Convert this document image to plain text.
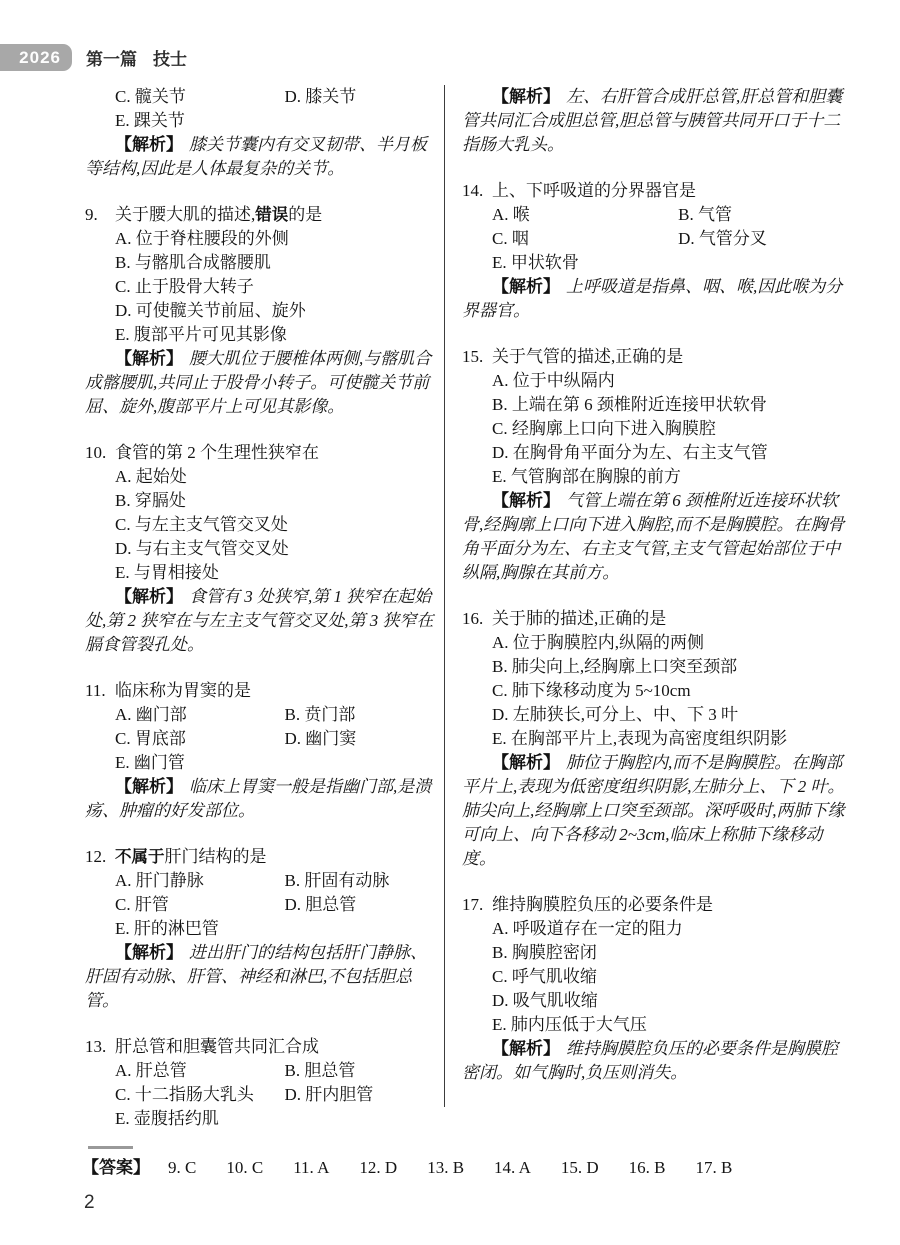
2026	第一篇 技士
C. 髋关节	D. 膝关节
E. 踝关节

【解析】 膝关节囊内有交叉韧带、半月板等结构,因此是人体最复杂的关节。

9.	关于腰大肌的描述,错误的是
A. 位于脊柱腰段的外侧
B. 与髂肌合成髂腰肌
C. 止于股骨大转子
D. 可使髋关节前屈、旋外
E. 腹部平片可见其影像

【解析】 腰大肌位于腰椎体两侧,与髂肌合成髂腰肌,共同止于股骨小转子。可使髋关节前屈、旋外,腹部平片上可见其影像。

10. 食管的第 2 个生理性狭窄在
A. 起始处
B. 穿膈处
C. 与左主支气管交叉处
D. 与右主支气管交叉处
E. 与胃相接处

【解析】 食管有 3 处狭窄,第 1 狭窄在起始处,第 2 狭窄在与左主支气管交叉处,第 3 狭窄在膈食管裂孔处。

11. 临床称为胃窦的是
A. 幽门部	B. 贲门部
C. 胃底部	D. 幽门窦
E. 幽门管

【解析】 临床上胃窦一般是指幽门部,是溃疡、肿瘤的好发部位。

12. 不属于肝门结构的是
A. 肝门静脉	B. 肝固有动脉
C. 肝管	D. 胆总管
E. 肝的淋巴管

【解析】 进出肝门的结构包括肝门静脉、肝固有动脉、肝管、神经和淋巴,不包括胆总管。

13. 肝总管和胆囊管共同汇合成
A. 肝总管	B. 胆总管
C. 十二指肠大乳头	D. 肝内胆管
E. 壶腹括约肌

【解析】 左、右肝管合成肝总管,肝总管和胆囊管共同汇合成胆总管,胆总管与胰管共同开口于十二指肠大乳头。

14. 上、下呼吸道的分界器官是
A. 喉	B. 气管
C. 咽	D. 气管分叉
E. 甲状软骨

【解析】 上呼吸道是指鼻、咽、喉,因此喉为分界器官。

15. 关于气管的描述,正确的是
A. 位于中纵隔内
B. 上端在第 6 颈椎附近连接甲状软骨
C. 经胸廓上口向下进入胸膜腔
D. 在胸骨角平面分为左、右主支气管
E. 气管胸部在胸腺的前方

【解析】 气管上端在第 6 颈椎附近连接环状软骨,经胸廓上口向下进入胸腔,而不是胸膜腔。在胸骨角平面分为左、右主支气管,主支气管起始部位于中纵隔,胸腺在其前方。

16. 关于肺的描述,正确的是
A. 位于胸膜腔内,纵隔的两侧
B. 肺尖向上,经胸廓上口突至颈部
C. 肺下缘移动度为 5~10cm
D. 左肺狭长,可分上、中、下 3 叶
E. 在胸部平片上,表现为高密度组织阴影

【解析】 肺位于胸腔内,而不是胸膜腔。在胸部平片上,表现为低密度组织阴影,左肺分上、下 2 叶。肺尖向上,经胸廓上口突至颈部。深呼吸时,两肺下缘可向上、向下各移动 2~3cm,临床上称肺下缘移动度。

17. 维持胸膜腔负压的必要条件是
A. 呼吸道存在一定的阻力
B. 胸膜腔密闭
C. 呼气肌收缩
D. 吸气肌收缩
E. 肺内压低于大气压

【解析】 维持胸膜腔负压的必要条件是胸膜腔密闭。如气胸时,负压则消失。

【答案】 9. C 10. C 11. A 12. D 13. B 14. A 15. D 16. B 17. B
2
